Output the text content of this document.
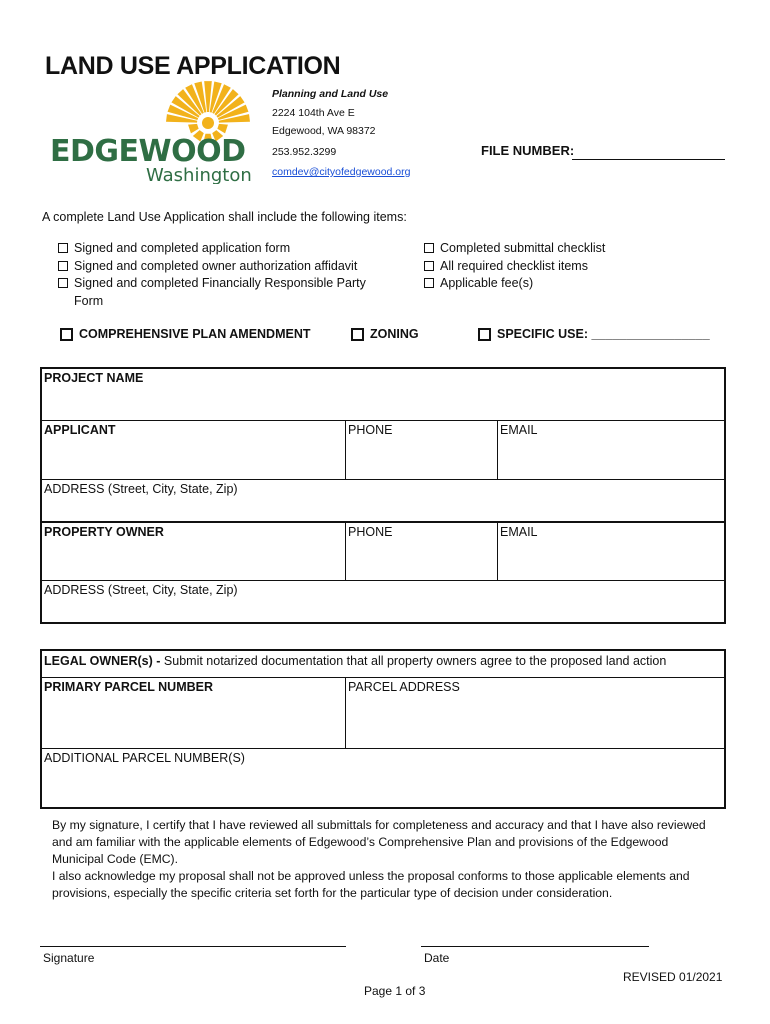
LAND USE APPLICATION
EDGEWOOD
Washington
Planning and Land Use
2224 104th Ave E
Edgewood, WA 98372
253.952.3299
comdev@cityofedgewood.org
FILE NUMBER:
A complete Land Use Application shall include the following items:
Signed and completed application form
Signed and completed owner authorization affidavit
Signed and completed Financially Responsible Party Form
Completed submittal checklist
All required checklist items
Applicable fee(s)
COMPREHENSIVE PLAN AMENDMENT	ZONING	SPECIFIC USE: _________________
PROJECT NAME
APPLICANT	PHONE	EMAIL
ADDRESS (Street, City, State, Zip)
PROPERTY OWNER	PHONE	EMAIL
ADDRESS (Street, City, State, Zip)
LEGAL OWNER(s) - Submit notarized documentation that all property owners agree to the proposed land action
PRIMARY PARCEL NUMBER	PARCEL ADDRESS
ADDITIONAL PARCEL NUMBER(S)

By my signature, I certify that I have reviewed all submittals for completeness and accuracy and that I have also reviewed and am familiar with the applicable elements of Edgewood’s Comprehensive Plan and provisions of the Edgewood Municipal Code (EMC).

I also acknowledge my proposal shall not be approved unless the proposal conforms to those applicable elements and provisions, especially the specific criteria set forth for the particular type of decision under consideration.

Signature	Date
REVISED 01/2021
Page 1 of 3
